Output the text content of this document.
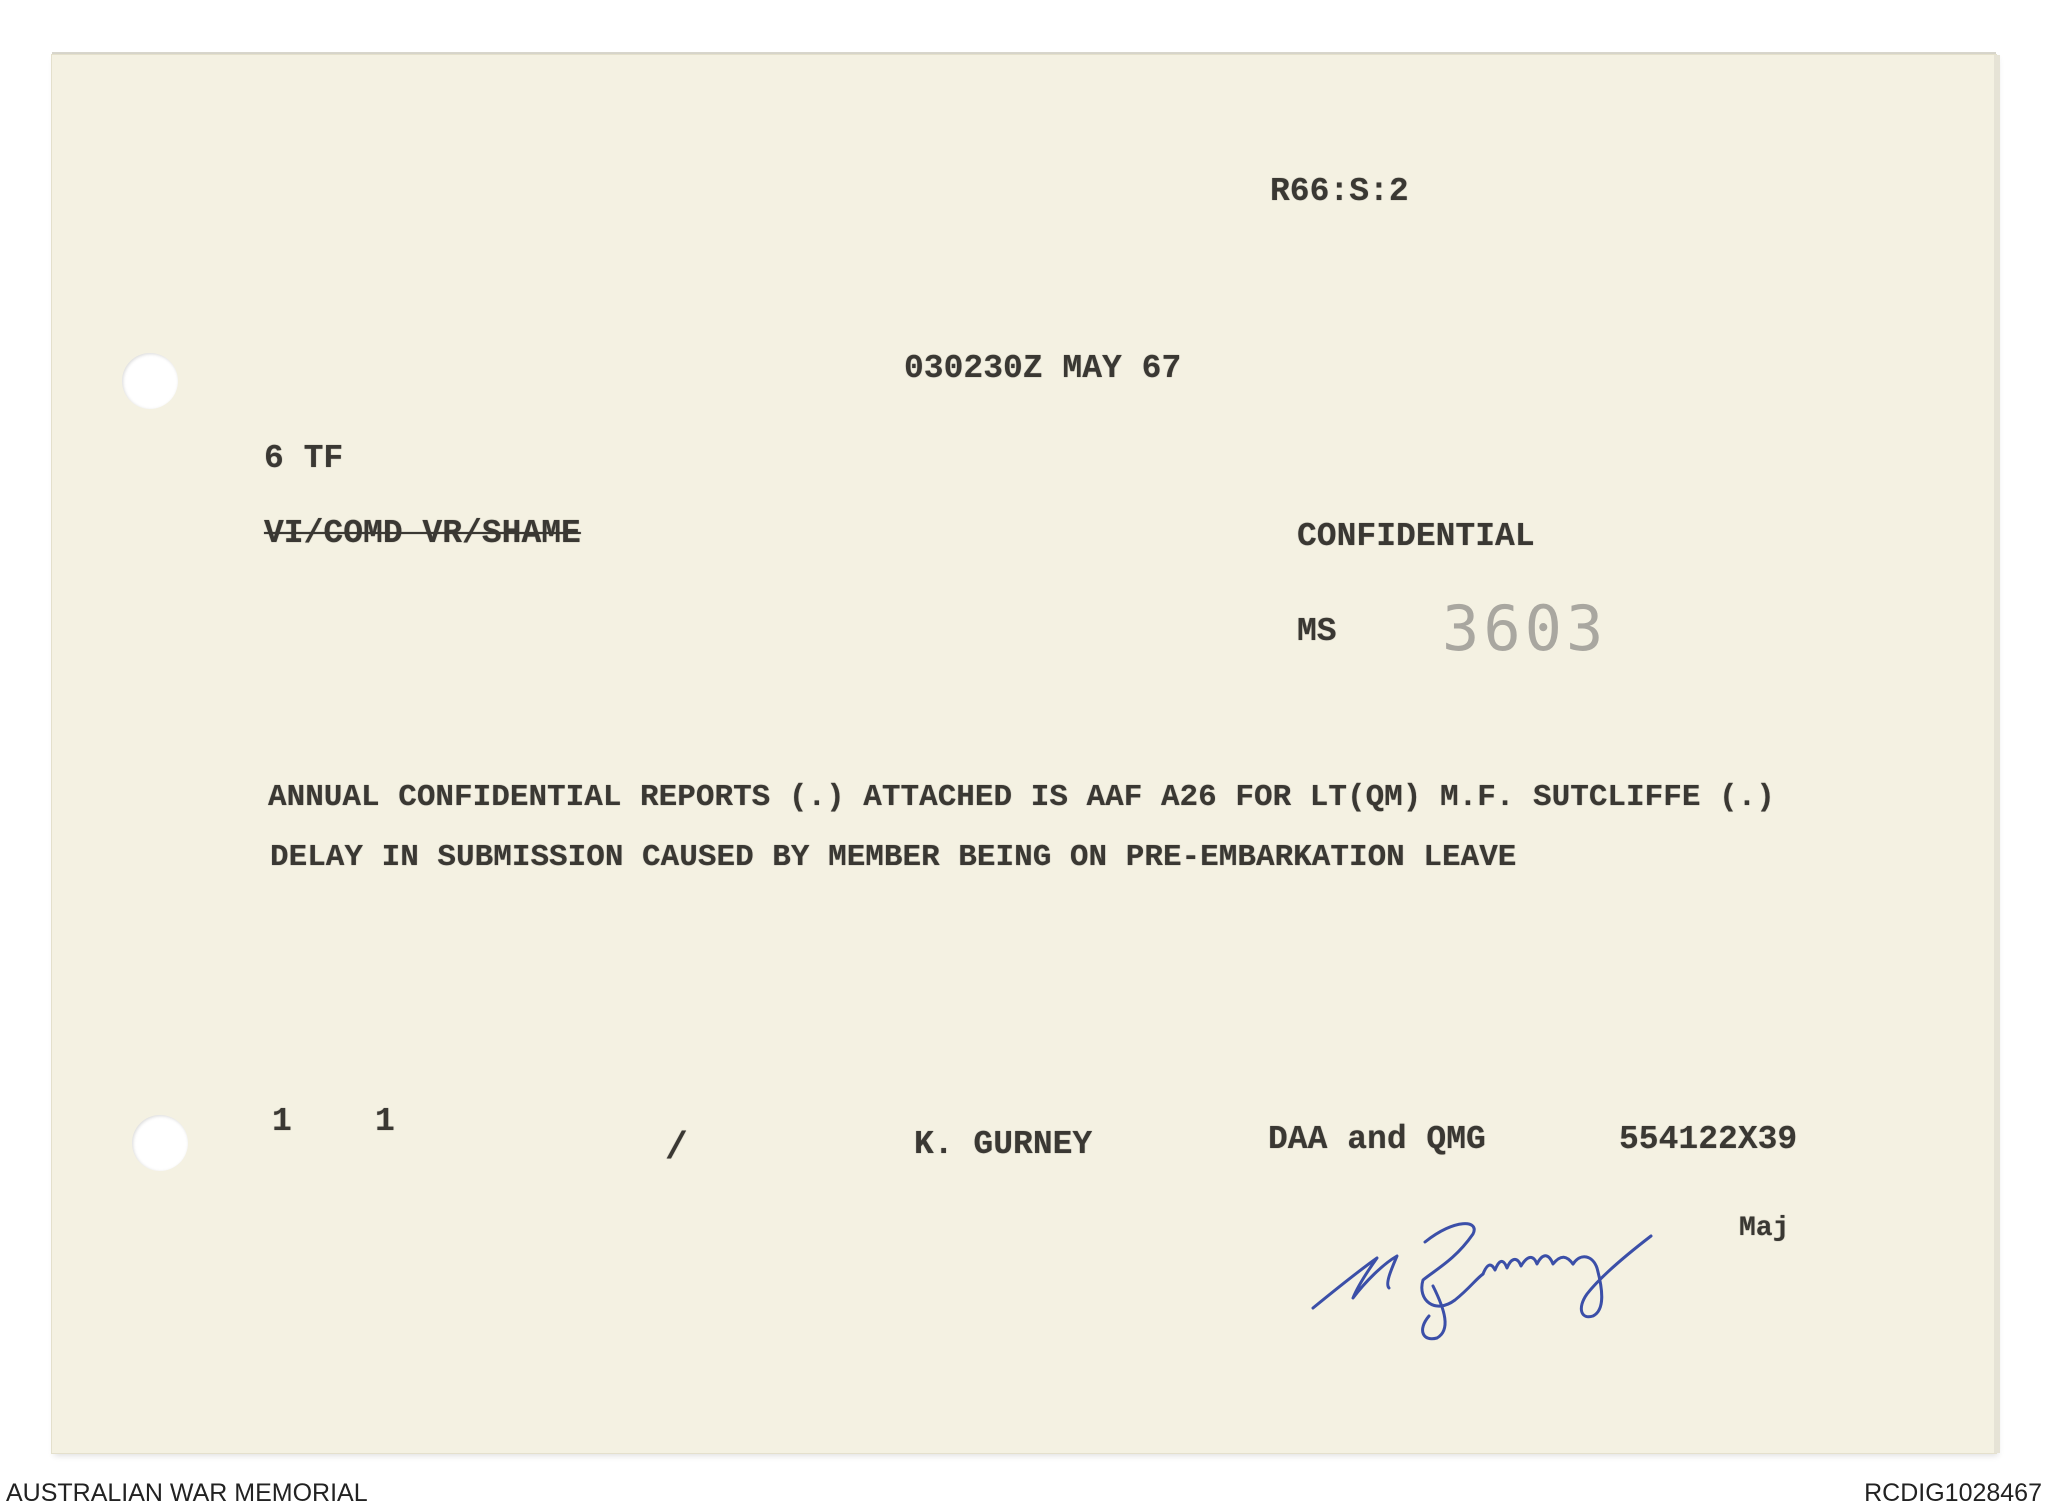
R66:S:2
030230Z MAY 67
6 TF
VI/COMD VR/SHAME	CONFIDENTIAL
MS 3603
ANNUAL CONFIDENTIAL REPORTS (.) ATTACHED IS AAF A26 FOR LT(QM) M.F. SUTCLIFFE (.)
DELAY IN SUBMISSION CAUSED BY MEMBER BEING ON PRE-EMBARKATION LEAVE
1	1
/	K. GURNEY	DAA and QMG	554122X39
Maj
AUSTRALIAN WAR MEMORIAL	RCDIG1028467
